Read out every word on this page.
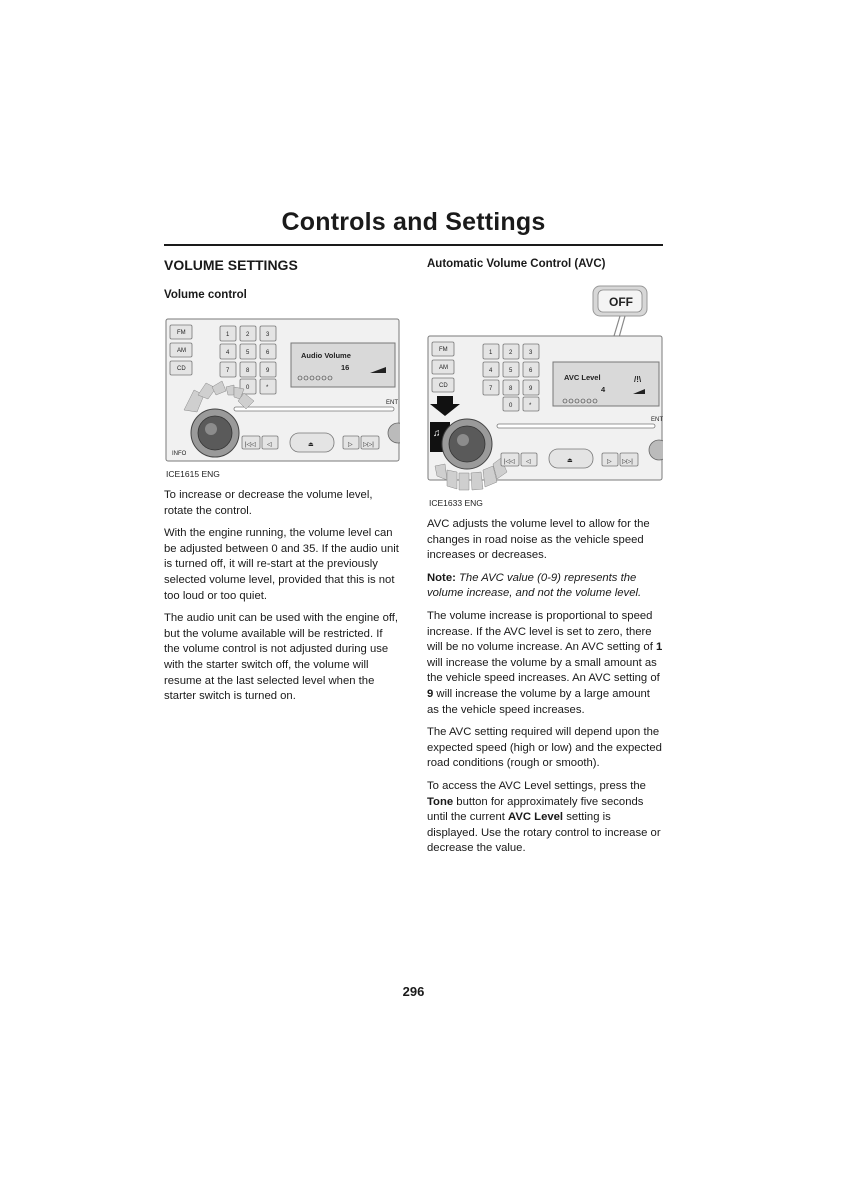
Controls and Settings
VOLUME SETTINGS
Volume control
FM
AM
CD
1	2	3
4	5	6
7	8	9
0	*
Audio Volume
16
ENT
INFO
|◁◁ ◁	⏏	▷ ▷▷|
ICE1615 ENG

To increase or decrease the volume level, rotate the control.

With the engine running, the volume level can be adjusted between 0 and 35. If the audio unit is turned off, it will re-start at the previously selected volume level, provided that this is not too loud or too quiet.

The audio unit can be used with the engine off, but the volume available will be restricted. If the volume control is not adjusted during use with the starter switch off, the volume will resume at the last selected level when the starter switch is turned on.

Automatic Volume Control (AVC)
OFF
FM
AM
CD
1	2	3
4	5	6
7	8	9
0	*
AVC Level
4
/!\
ENT
♫
|◁◁ ◁	⏏	▷ ▷▷|
ICE1633 ENG

AVC adjusts the volume level to allow for the changes in road noise as the vehicle speed increases or decreases.

Note: The AVC value (0-9) represents the volume increase, and not the volume level.

The volume increase is proportional to speed increase. If the AVC level is set to zero, there will be no volume increase. An AVC setting of 1 will increase the volume by a small amount as the vehicle speed increases. An AVC setting of 9 will increase the volume by a large amount as the vehicle speed increases.

The AVC setting required will depend upon the expected speed (high or low) and the expected road conditions (rough or smooth).

To access the AVC Level settings, press the Tone button for approximately five seconds until the current AVC Level setting is displayed. Use the rotary control to increase or decrease the value.

296
